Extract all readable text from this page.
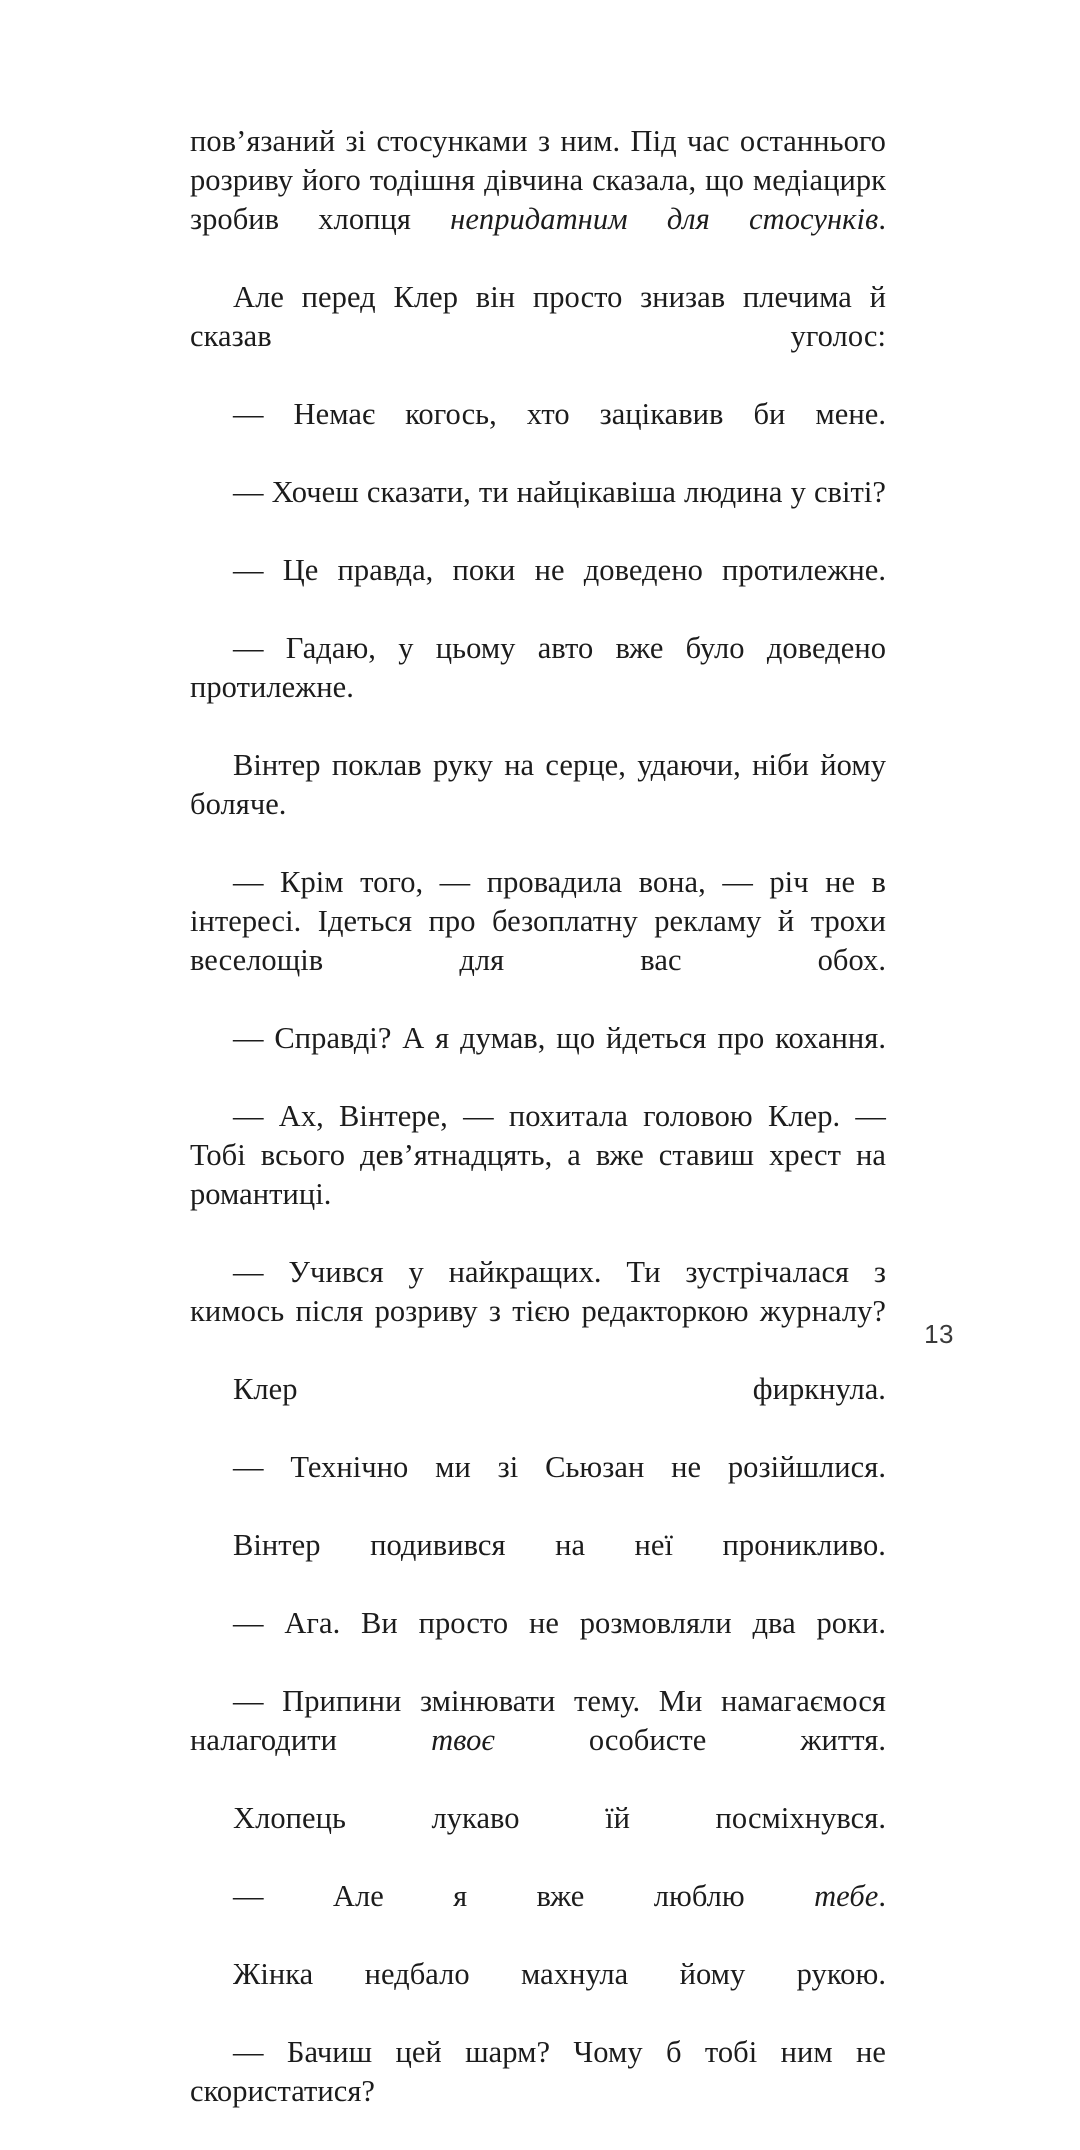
пов’язаний зі стосунками з ним. Під час останнього розриву його тодішня дівчина сказала, що медіацирк зробив хлопця непридатним для стосунків.

Але перед Клер він просто знизав плечима й сказав уголос:

— Немає когось, хто зацікавив би мене.

— Хочеш сказати, ти найцікавіша людина у світі?

— Це правда, поки не доведено протилежне.

— Гадаю, у цьому авто вже було доведено протилежне.

Вінтер поклав руку на серце, удаючи, ніби йому боляче.

— Крім того, — провадила вона, — річ не в інтересі. Ідеться про безоплатну рекламу й трохи веселощів для вас обох.

— Справді? А я думав, що йдеться про кохання.

— Ах, Вінтере, — похитала головою Клер. — Тобі всього дев’ятнадцять, а вже ставиш хрест на романтиці.

— Учився у найкращих. Ти зустрічалася з кимось після розриву з тією редакторкою журналу?

Клер фиркнула.

— Технічно ми зі Сьюзан не розійшлися.

Вінтер подивився на неї проникливо.

— Ага. Ви просто не розмовляли два роки.

— Припини змінювати тему. Ми намагаємося налагодити твоє особисте життя.

Хлопець лукаво їй посміхнувся.

— Але я вже люблю тебе.

Жінка недбало махнула йому рукою.

— Бачиш цей шарм? Чому б тобі ним не скористатися?

13
